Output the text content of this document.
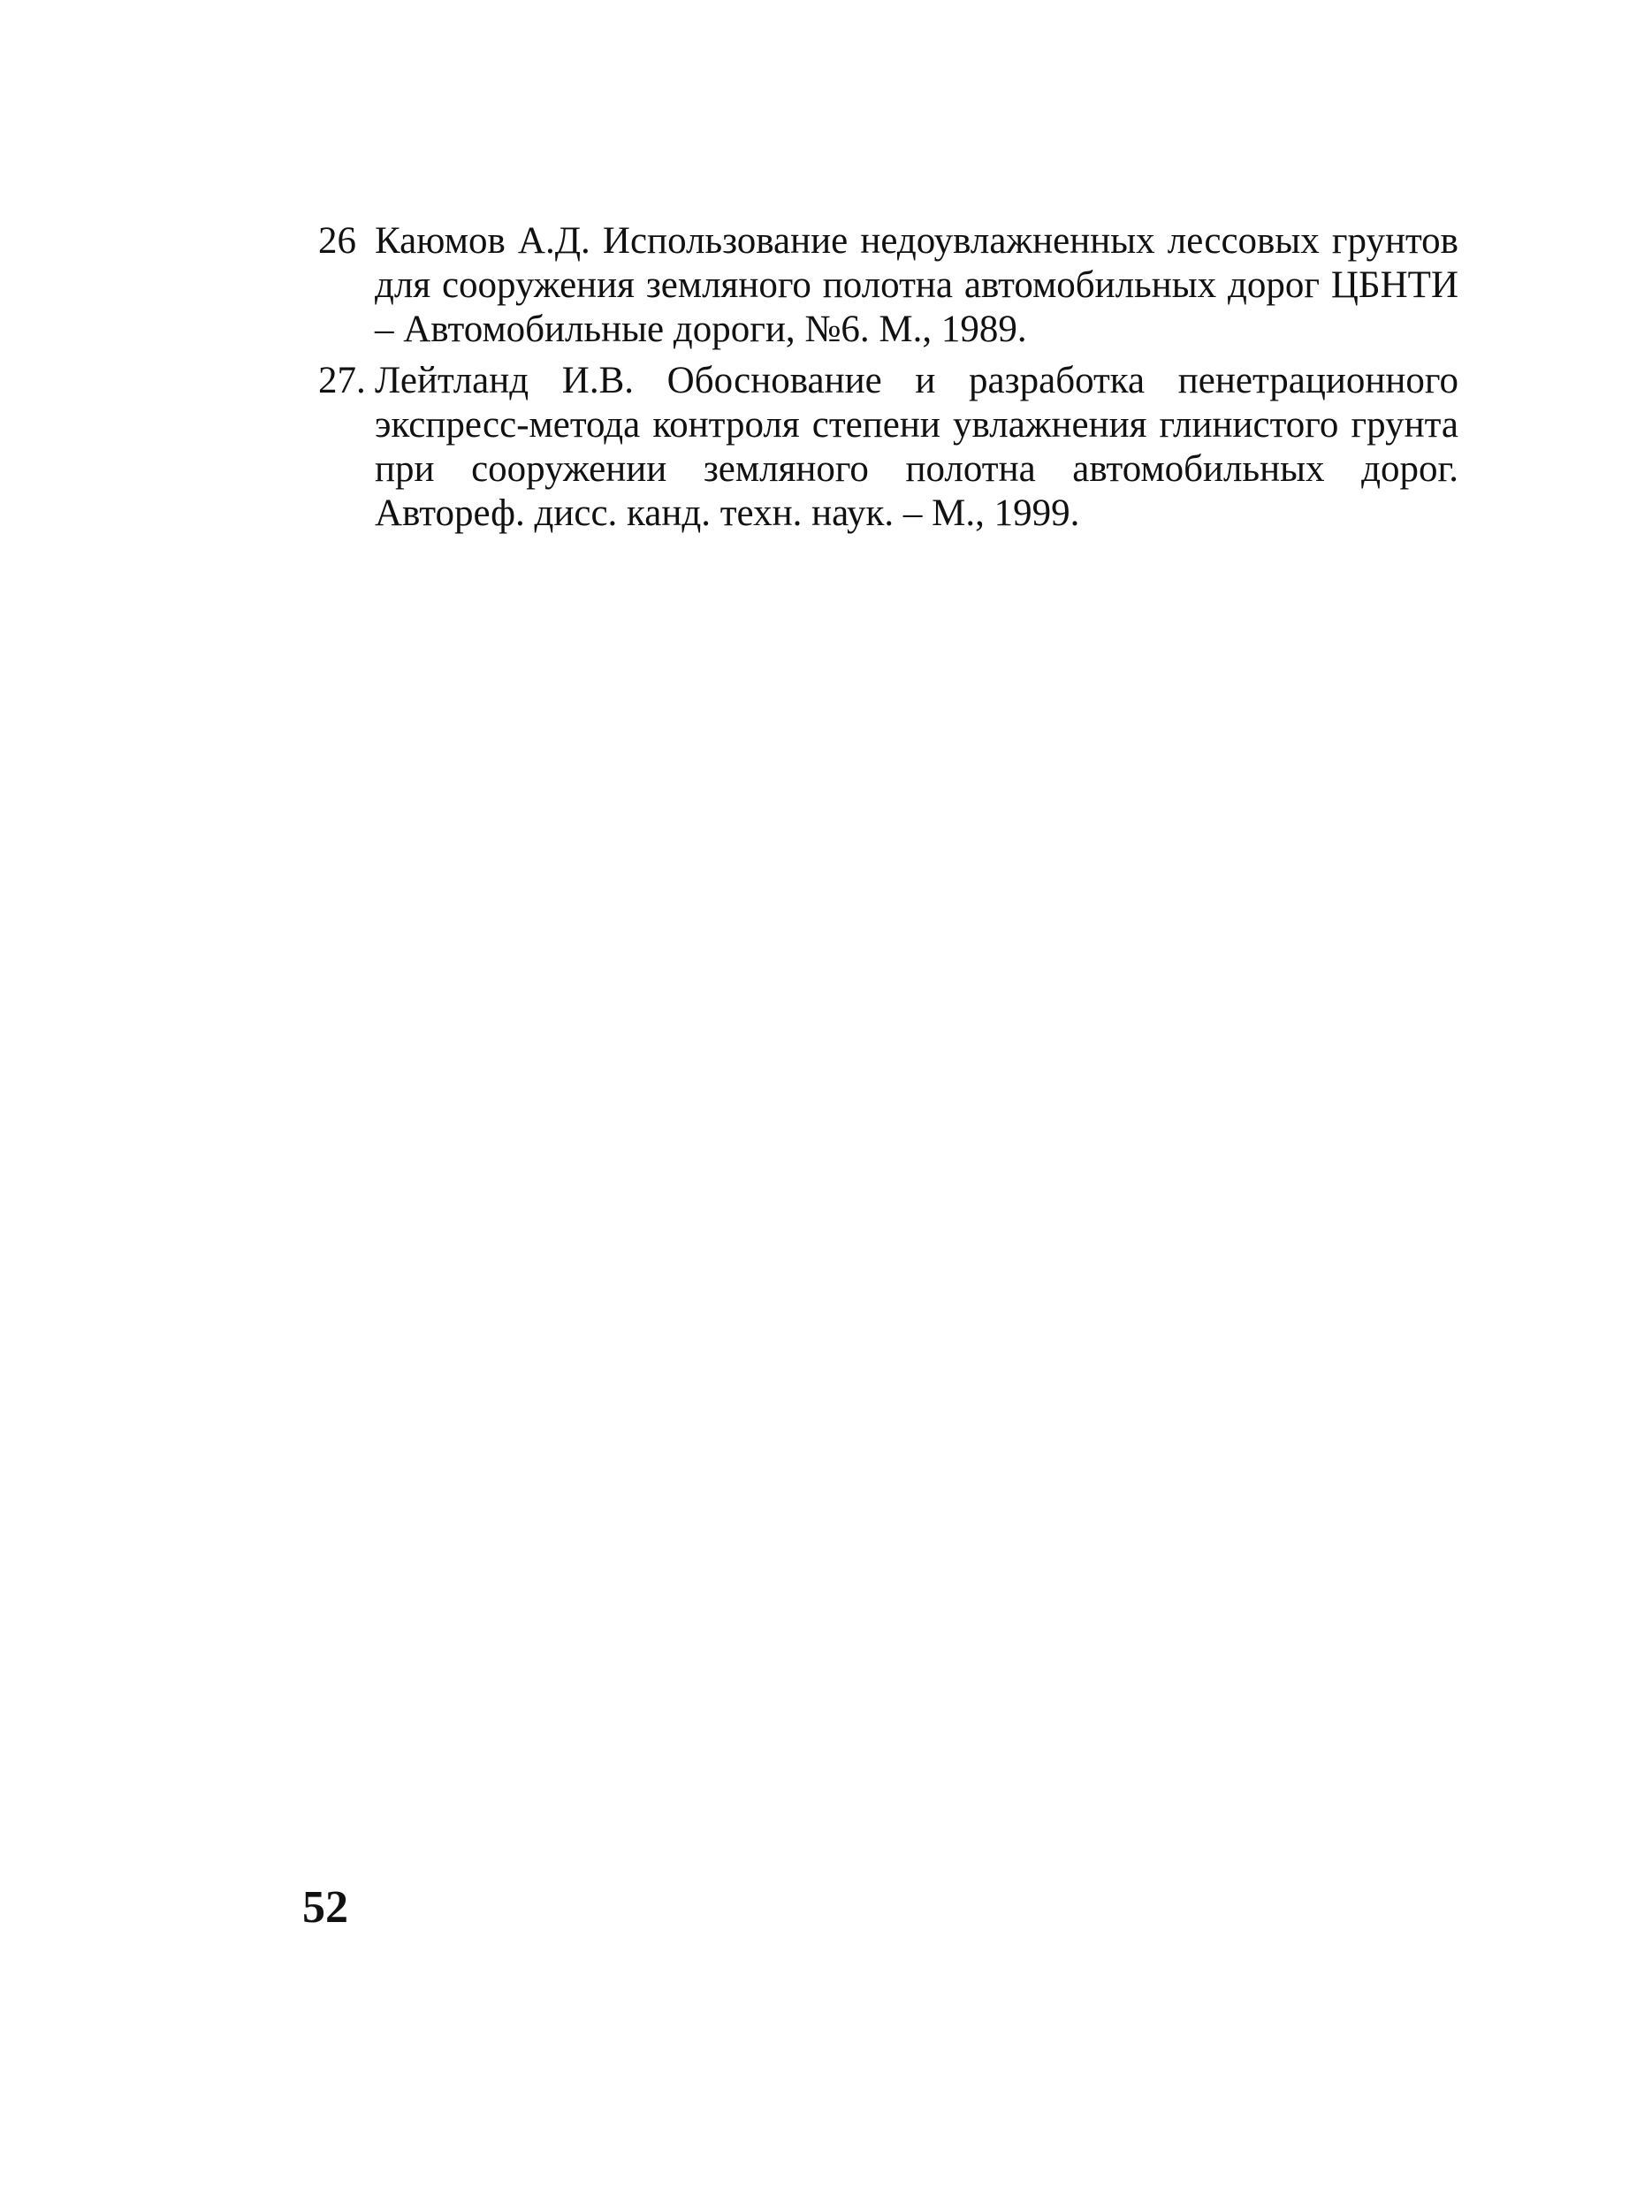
26 Каюмов А.Д. Использование недоувлажненных лессовых грунтов для сооружения земляного полотна автомобильных дорог ЦБНТИ – Автомобильные дороги, №6. М., 1989.
27. Лейтланд И.В. Обоснование и разработка пенетрационного экспресс-метода контроля степени увлажнения глинистого грунта при сооружении земляного полотна автомобильных дорог. Автореф. дисс. канд. техн. наук. – М., 1999.
52
